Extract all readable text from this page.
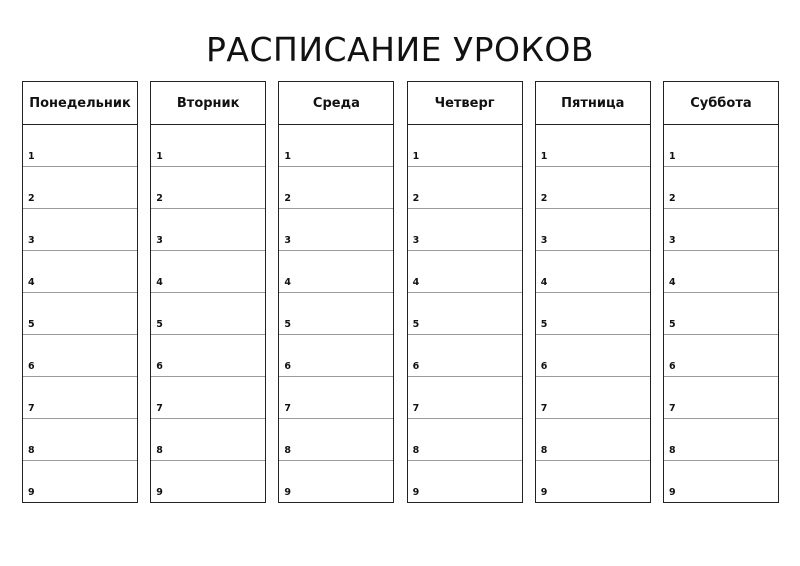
РАСПИСАНИЕ УРОКОВ
Понедельник
1
2
3
4
5
6
7
8
9
Вторник
1
2
3
4
5
6
7
8
9
Среда
1
2
3
4
5
6
7
8
9
Четверг
1
2
3
4
5
6
7
8
9
Пятница
1
2
3
4
5
6
7
8
9
Суббота
1
2
3
4
5
6
7
8
9
